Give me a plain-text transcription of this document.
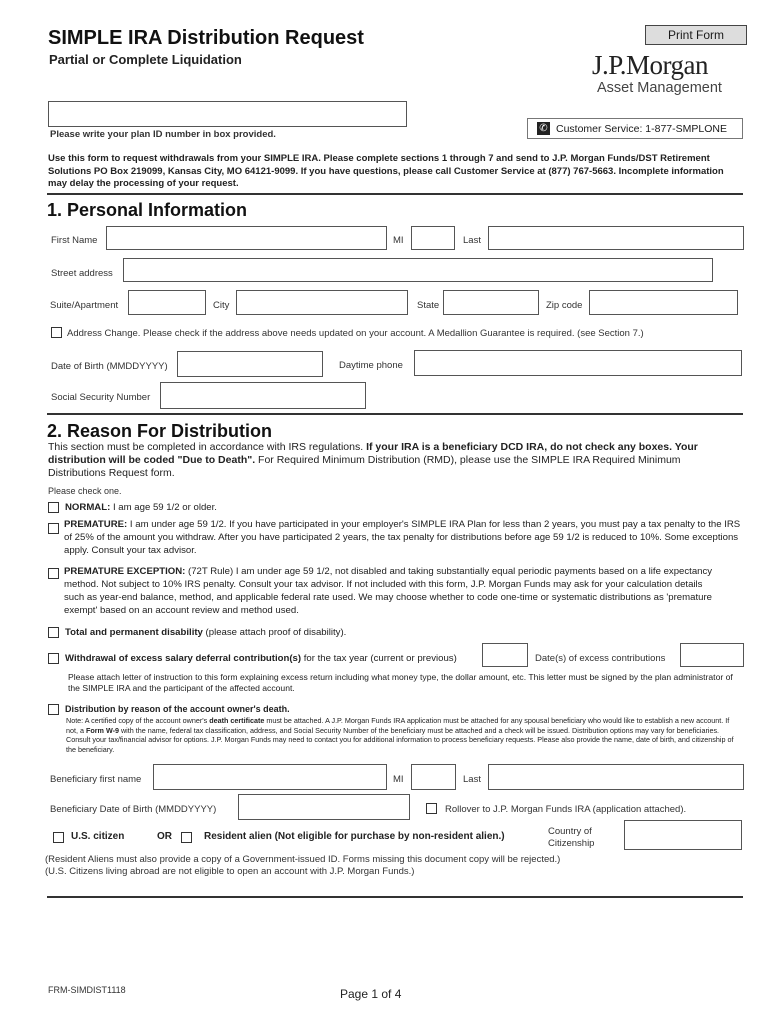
SIMPLE IRA Distribution Request
Partial or Complete Liquidation
Print Form
J.P.Morgan
Asset Management
Please write your plan ID number in box provided.
✆ Customer Service: 1-877-SMPLONE
Use this form to request withdrawals from your SIMPLE IRA. Please complete sections 1 through 7 and send to J.P. Morgan Funds/DST Retirement Solutions PO Box 219099, Kansas City, MO 64121-9099. If you have questions, please call Customer Service at (877) 767-5663. Incomplete information may delay the processing of your request.
1. Personal Information
First Name	MI	Last
Street address
Suite/Apartment	City	State	Zip code
Address Change. Please check if the address above needs updated on your account. A Medallion Guarantee is required. (see Section 7.)
Date of Birth (MMDDYYYY)	Daytime phone
Social Security Number
2. Reason For Distribution
This section must be completed in accordance with IRS regulations. If your IRA is a beneficiary DCD IRA, do not check any boxes. Your distribution will be coded "Due to Death". For Required Minimum Distribution (RMD), please use the SIMPLE IRA Required Minimum Distributions Request form.
Please check one.
NORMAL: I am age 59 1/2 or older.
PREMATURE: I am under age 59 1/2. If you have participated in your employer's SIMPLE IRA Plan for less than 2 years, you must pay a tax penalty to the IRS of 25% of the amount you withdraw. After you have participated 2 years, the tax penalty for distributions before age 59 1/2 is reduced to 10%. Some exceptions apply. Consult your tax advisor.
PREMATURE EXCEPTION: (72T Rule) I am under age 59 1/2, not disabled and taking substantially equal periodic payments based on a life expectancy method. Not subject to 10% IRS penalty. Consult your tax advisor. If not included with this form, J.P. Morgan Funds may ask for your calculation details such as year-end balance, method, and applicable federal rate used. We may choose whether to code one-time or systematic distributions as 'premature exempt' based on an account review and method used.
Total and permanent disability (please attach proof of disability).
Withdrawal of excess salary deferral contribution(s) for the tax year (current or previous)	Date(s) of excess contributions
Please attach letter of instruction to this form explaining excess return including what money type, the dollar amount, etc. This letter must be signed by the plan administrator of the SIMPLE IRA and the participant of the affected account.
Distribution by reason of the account owner's death.
Note: A certified copy of the account owner's death certificate must be attached. A J.P. Morgan Funds IRA application must be attached for any spousal beneficiary who would like to establish a new account. If not, a Form W-9 with the name, federal tax classification, address, and Social Security Number of the beneficiary must be attached and a check will be issued. Distribution options may vary for beneficiaries. Consult your tax/financial advisor for options. J.P. Morgan Funds may need to contact you for additional information to process beneficiary requests. Please also provide the name, date of birth, and citizenship of the beneficiary.
Beneficiary first name	MI	Last
Beneficiary Date of Birth (MMDDYYYY)	Rollover to J.P. Morgan Funds IRA (application attached).
U.S. citizen	OR	Resident alien (Not eligible for purchase by non-resident alien.)	Country of Citizenship
(Resident Aliens must also provide a copy of a Government-issued ID. Forms missing this document copy will be rejected.)
(U.S. Citizens living abroad are not eligible to open an account with J.P. Morgan Funds.)
FRM-SIMDIST1118	Page 1 of 4
